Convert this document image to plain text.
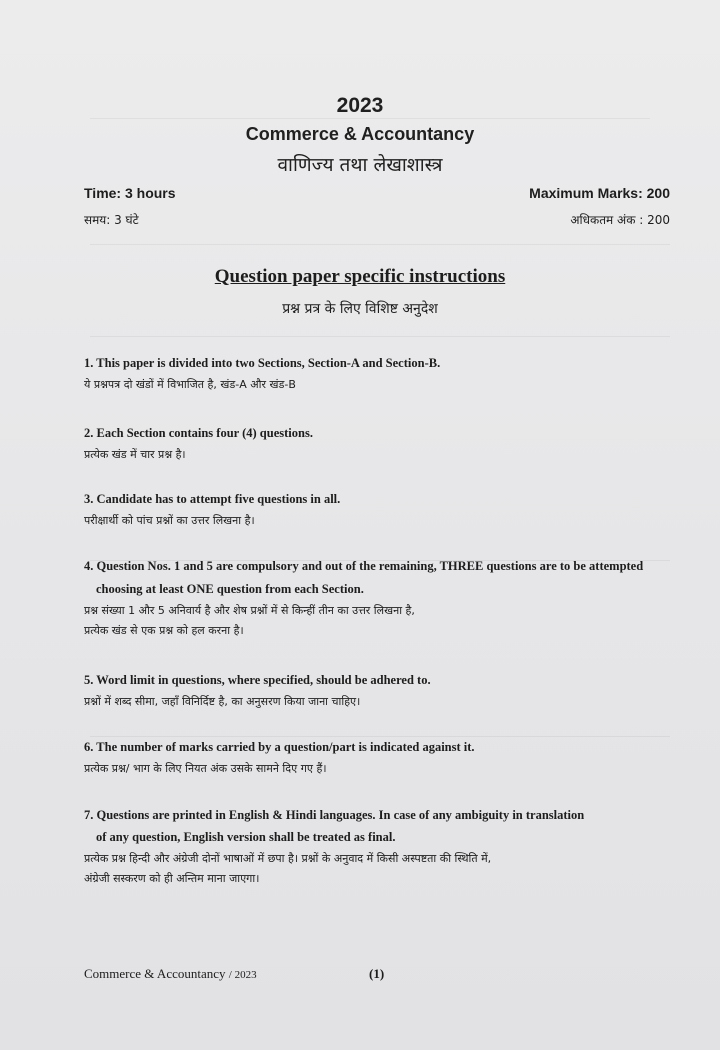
2023
Commerce & Accountancy
वाणिज्य तथा लेखाशास्त्र
Time: 3 hours	Maximum Marks: 200
समय: 3 घंटे	अधिकतम अंक : 200
Question paper specific instructions
प्रश्न प्रत्र के लिए विशिष्ट अनुदेश
1. This paper is divided into two Sections, Section-A and Section-B.
ये प्रश्नपत्र दो खंडों में विभाजित है, खंड-A और खंड-B
2. Each Section contains four (4) questions.
प्रत्येक खंड में चार प्रश्न है।
3. Candidate has to attempt five questions in all.
परीक्षार्थी को पांच प्रश्नों का उत्तर लिखना है।
4. Question Nos. 1 and 5 are compulsory and out of the remaining, THREE questions are to be attempted
choosing at least ONE question from each Section.
प्रश्न संख्या 1 और 5 अनिवार्य है और शेष प्रश्नों में से किन्हीं तीन का उत्तर लिखना है,
प्रत्येक खंड से एक प्रश्न को हल करना है।
5. Word limit in questions, where specified, should be adhered to.
प्रश्नों में शब्द सीमा, जहाँ विनिर्दिष्ट है, का अनुसरण किया जाना चाहिए।
6. The number of marks carried by a question/part is indicated against it.
प्रत्येक प्रश्न/ भाग के लिए नियत अंक उसके सामने दिए गए हैं।
7. Questions are printed in English & Hindi languages. In case of any ambiguity in translation
of any question, English version shall be treated as final.
प्रत्येक प्रश्न हिन्दी और अंग्रेजी दोनों भाषाओं में छपा है। प्रश्नों के अनुवाद में किसी अस्पष्टता की स्थिति में,
अंग्रेजी सस्करण को ही अन्तिम माना जाएगा।
Commerce & Accountancy / 2023	(1)
